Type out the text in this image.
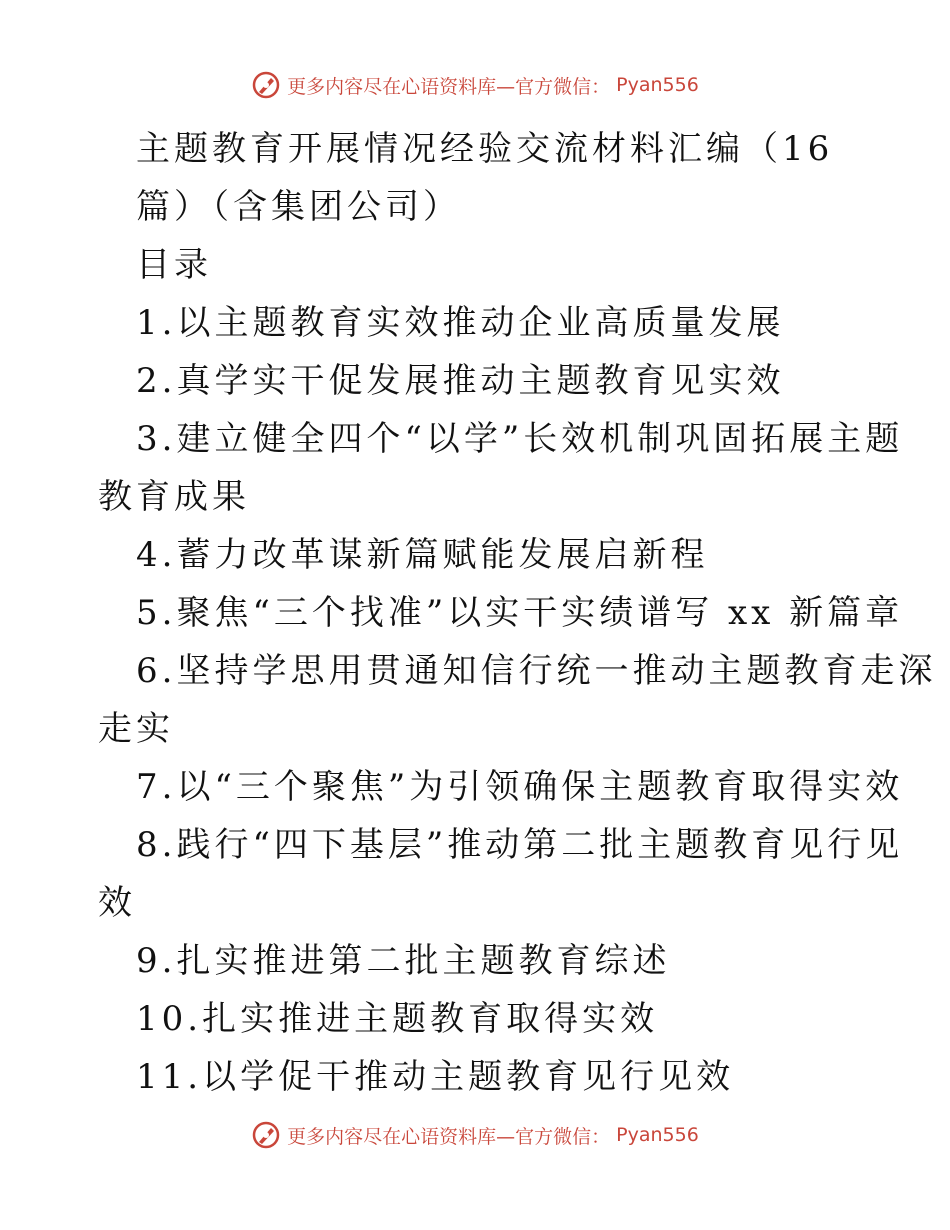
更多内容尽在心语资料库—官方微信： Pyan556
主题教育开展情况经验交流材料汇编（16
篇）（含集团公司）
目录
1.以主题教育实效推动企业高质量发展
2.真学实干促发展推动主题教育见实效
3.建立健全四个“以学”长效机制巩固拓展主题
教育成果
4.蓄力改革谋新篇赋能发展启新程
5.聚焦“三个找准”以实干实绩谱写 xx 新篇章
6.坚持学思用贯通知信行统一推动主题教育走深
走实
7.以“三个聚焦”为引领确保主题教育取得实效
8.践行“四下基层”推动第二批主题教育见行见
效
9.扎实推进第二批主题教育综述
10.扎实推进主题教育取得实效
11.以学促干推动主题教育见行见效
更多内容尽在心语资料库—官方微信： Pyan556
